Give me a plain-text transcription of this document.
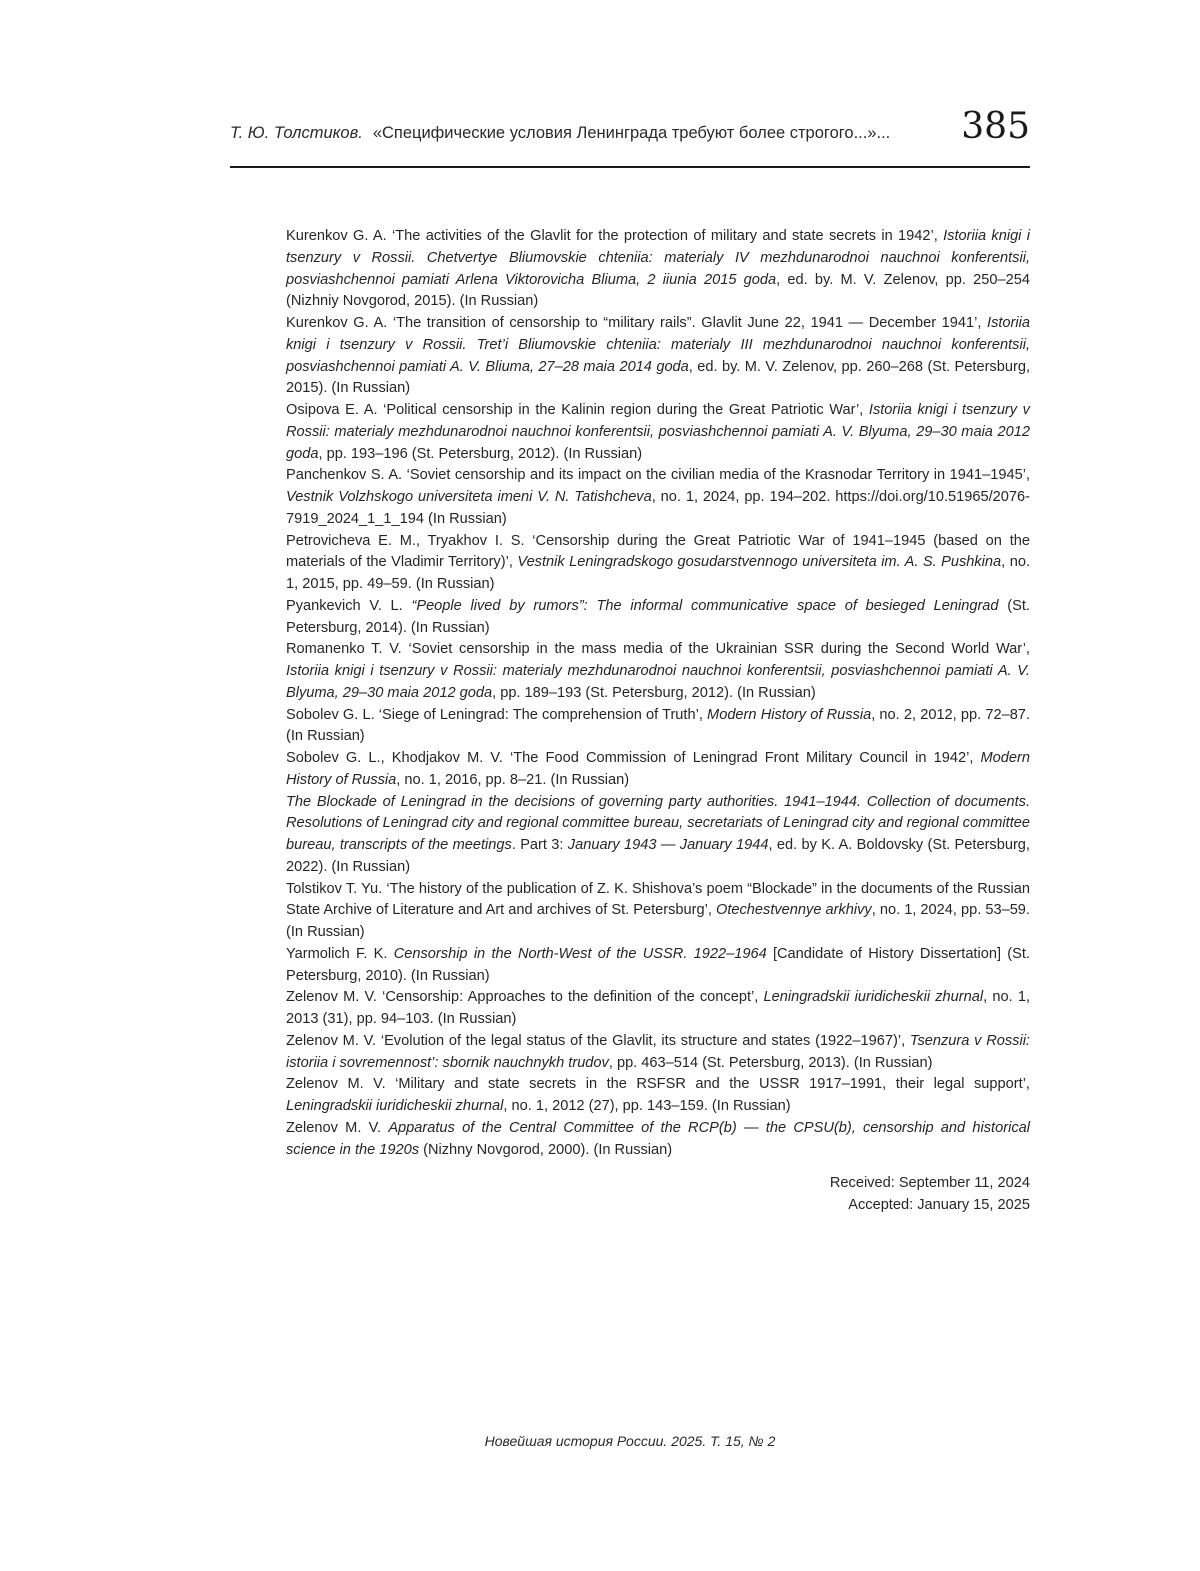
Т. Ю. Толстиков. «Специфические условия Ленинграда требуют более строгого...»...	385
Kurenkov G. A. ‘The activities of the Glavlit for the protection of military and state secrets in 1942’, Istoriia knigi i tsenzury v Rossii. Chetvertye Bliumovskie chteniia: materialy IV mezhdunarodnoi nauchnoi konferentsii, posviashchennoi pamiati Arlena Viktorovicha Bliuma, 2 iiunia 2015 goda, ed. by. M. V. Zelenov, pp. 250–254 (Nizhniy Novgorod, 2015). (In Russian)
Kurenkov G. A. ‘The transition of censorship to “military rails”. Glavlit June 22, 1941 — December 1941’, Istoriia knigi i tsenzury v Rossii. Tret’i Bliumovskie chteniia: materialy III mezhdunarodnoi nauchnoi konferentsii, posviashchennoi pamiati A. V. Bliuma, 27–28 maia 2014 goda, ed. by. M. V. Zelenov, pp. 260–268 (St. Petersburg, 2015). (In Russian)
Osipova E. A. ‘Political censorship in the Kalinin region during the Great Patriotic War’, Istoriia knigi i tsenzury v Rossii: materialy mezhdunarodnoi nauchnoi konferentsii, posviashchennoi pamiati A. V. Blyuma, 29–30 maia 2012 goda, pp. 193–196 (St. Petersburg, 2012). (In Russian)
Panchenkov S. A. ‘Soviet censorship and its impact on the civilian media of the Krasnodar Territory in 1941–1945’, Vestnik Volzhskogo universiteta imeni V. N. Tatishcheva, no. 1, 2024, pp. 194–202. https://doi.org/10.51965/2076-7919_2024_1_1_194 (In Russian)
Petrovicheva E. M., Tryakhov I. S. ‘Censorship during the Great Patriotic War of 1941–1945 (based on the materials of the Vladimir Territory)’, Vestnik Leningradskogo gosudarstvennogo universiteta im. A. S. Pushkina, no. 1, 2015, pp. 49–59. (In Russian)
Pyankevich V. L. “People lived by rumors”: The informal communicative space of besieged Leningrad (St. Petersburg, 2014). (In Russian)
Romanenko T. V. ‘Soviet censorship in the mass media of the Ukrainian SSR during the Second World War’, Istoriia knigi i tsenzury v Rossii: materialy mezhdunarodnoi nauchnoi konferentsii, posviashchennoi pamiati A. V. Blyuma, 29–30 maia 2012 goda, pp. 189–193 (St. Petersburg, 2012). (In Russian)
Sobolev G. L. ‘Siege of Leningrad: The comprehension of Truth’, Modern History of Russia, no. 2, 2012, pp. 72–87. (In Russian)
Sobolev G. L., Khodjakov M. V. ‘The Food Commission of Leningrad Front Military Council in 1942’, Modern History of Russia, no. 1, 2016, pp. 8–21. (In Russian)
The Blockade of Leningrad in the decisions of governing party authorities. 1941–1944. Collection of documents. Resolutions of Leningrad city and regional committee bureau, secretariats of Leningrad city and regional committee bureau, transcripts of the meetings. Part 3: January 1943 — January 1944, ed. by K. A. Boldovsky (St. Petersburg, 2022). (In Russian)
Tolstikov T. Yu. ‘The history of the publication of Z. K. Shishova’s poem “Blockade” in the documents of the Russian State Archive of Literature and Art and archives of St. Petersburg’, Otechestvennye arkhivy, no. 1, 2024, pp. 53–59. (In Russian)
Yarmolich F. K. Censorship in the North-West of the USSR. 1922–1964 [Candidate of History Dissertation] (St. Petersburg, 2010). (In Russian)
Zelenov M. V. ‘Censorship: Approaches to the definition of the concept’, Leningradskii iuridicheskii zhurnal, no. 1, 2013 (31), pp. 94–103. (In Russian)
Zelenov M. V. ‘Evolution of the legal status of the Glavlit, its structure and states (1922–1967)’, Tsenzura v Rossii: istoriia i sovremennost’: sbornik nauchnykh trudov, pp. 463–514 (St. Petersburg, 2013). (In Russian)
Zelenov M. V. ‘Military and state secrets in the RSFSR and the USSR 1917–1991, their legal support’, Leningradskii iuridicheskii zhurnal, no. 1, 2012 (27), pp. 143–159. (In Russian)
Zelenov M. V. Apparatus of the Central Committee of the RCP(b) — the CPSU(b), censorship and historical science in the 1920s (Nizhny Novgorod, 2000). (In Russian)
Received: September 11, 2024
Accepted: January 15, 2025
Новейшая история России. 2025. Т. 15, № 2
